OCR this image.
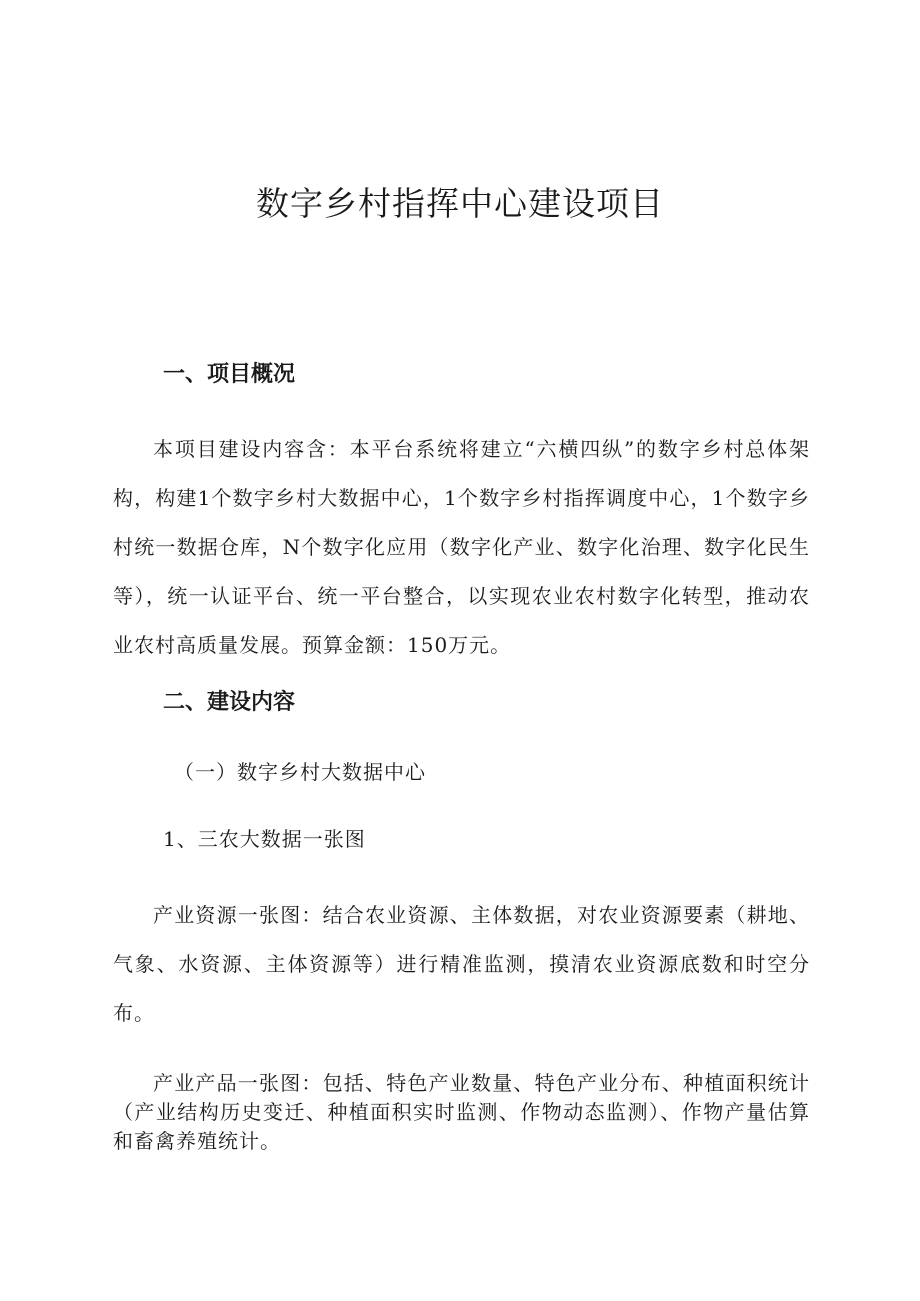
数字乡村指挥中心建设项目
一、项目概况

本项目建设内容含：本平台系统将建立“六横四纵”的数字乡村总体架构，构建1个数字乡村大数据中心，1个数字乡村指挥调度中心，1个数字乡村统一数据仓库，N个数字化应用（数字化产业、数字化治理、数字化民生等），统一认证平台、统一平台整合，以实现农业农村数字化转型，推动农业农村高质量发展。预算金额：150万元。

二、建设内容

（一）数字乡村大数据中心

1、三农大数据一张图

产业资源一张图：结合农业资源、主体数据，对农业资源要素（耕地、气象、水资源、主体资源等）进行精准监测，摸清农业资源底数和时空分布。

产业产品一张图：包括、特色产业数量、特色产业分布、种植面积统计（产业结构历史变迁、种植面积实时监测、作物动态监测）、作物产量估算和畜禽养殖统计。
